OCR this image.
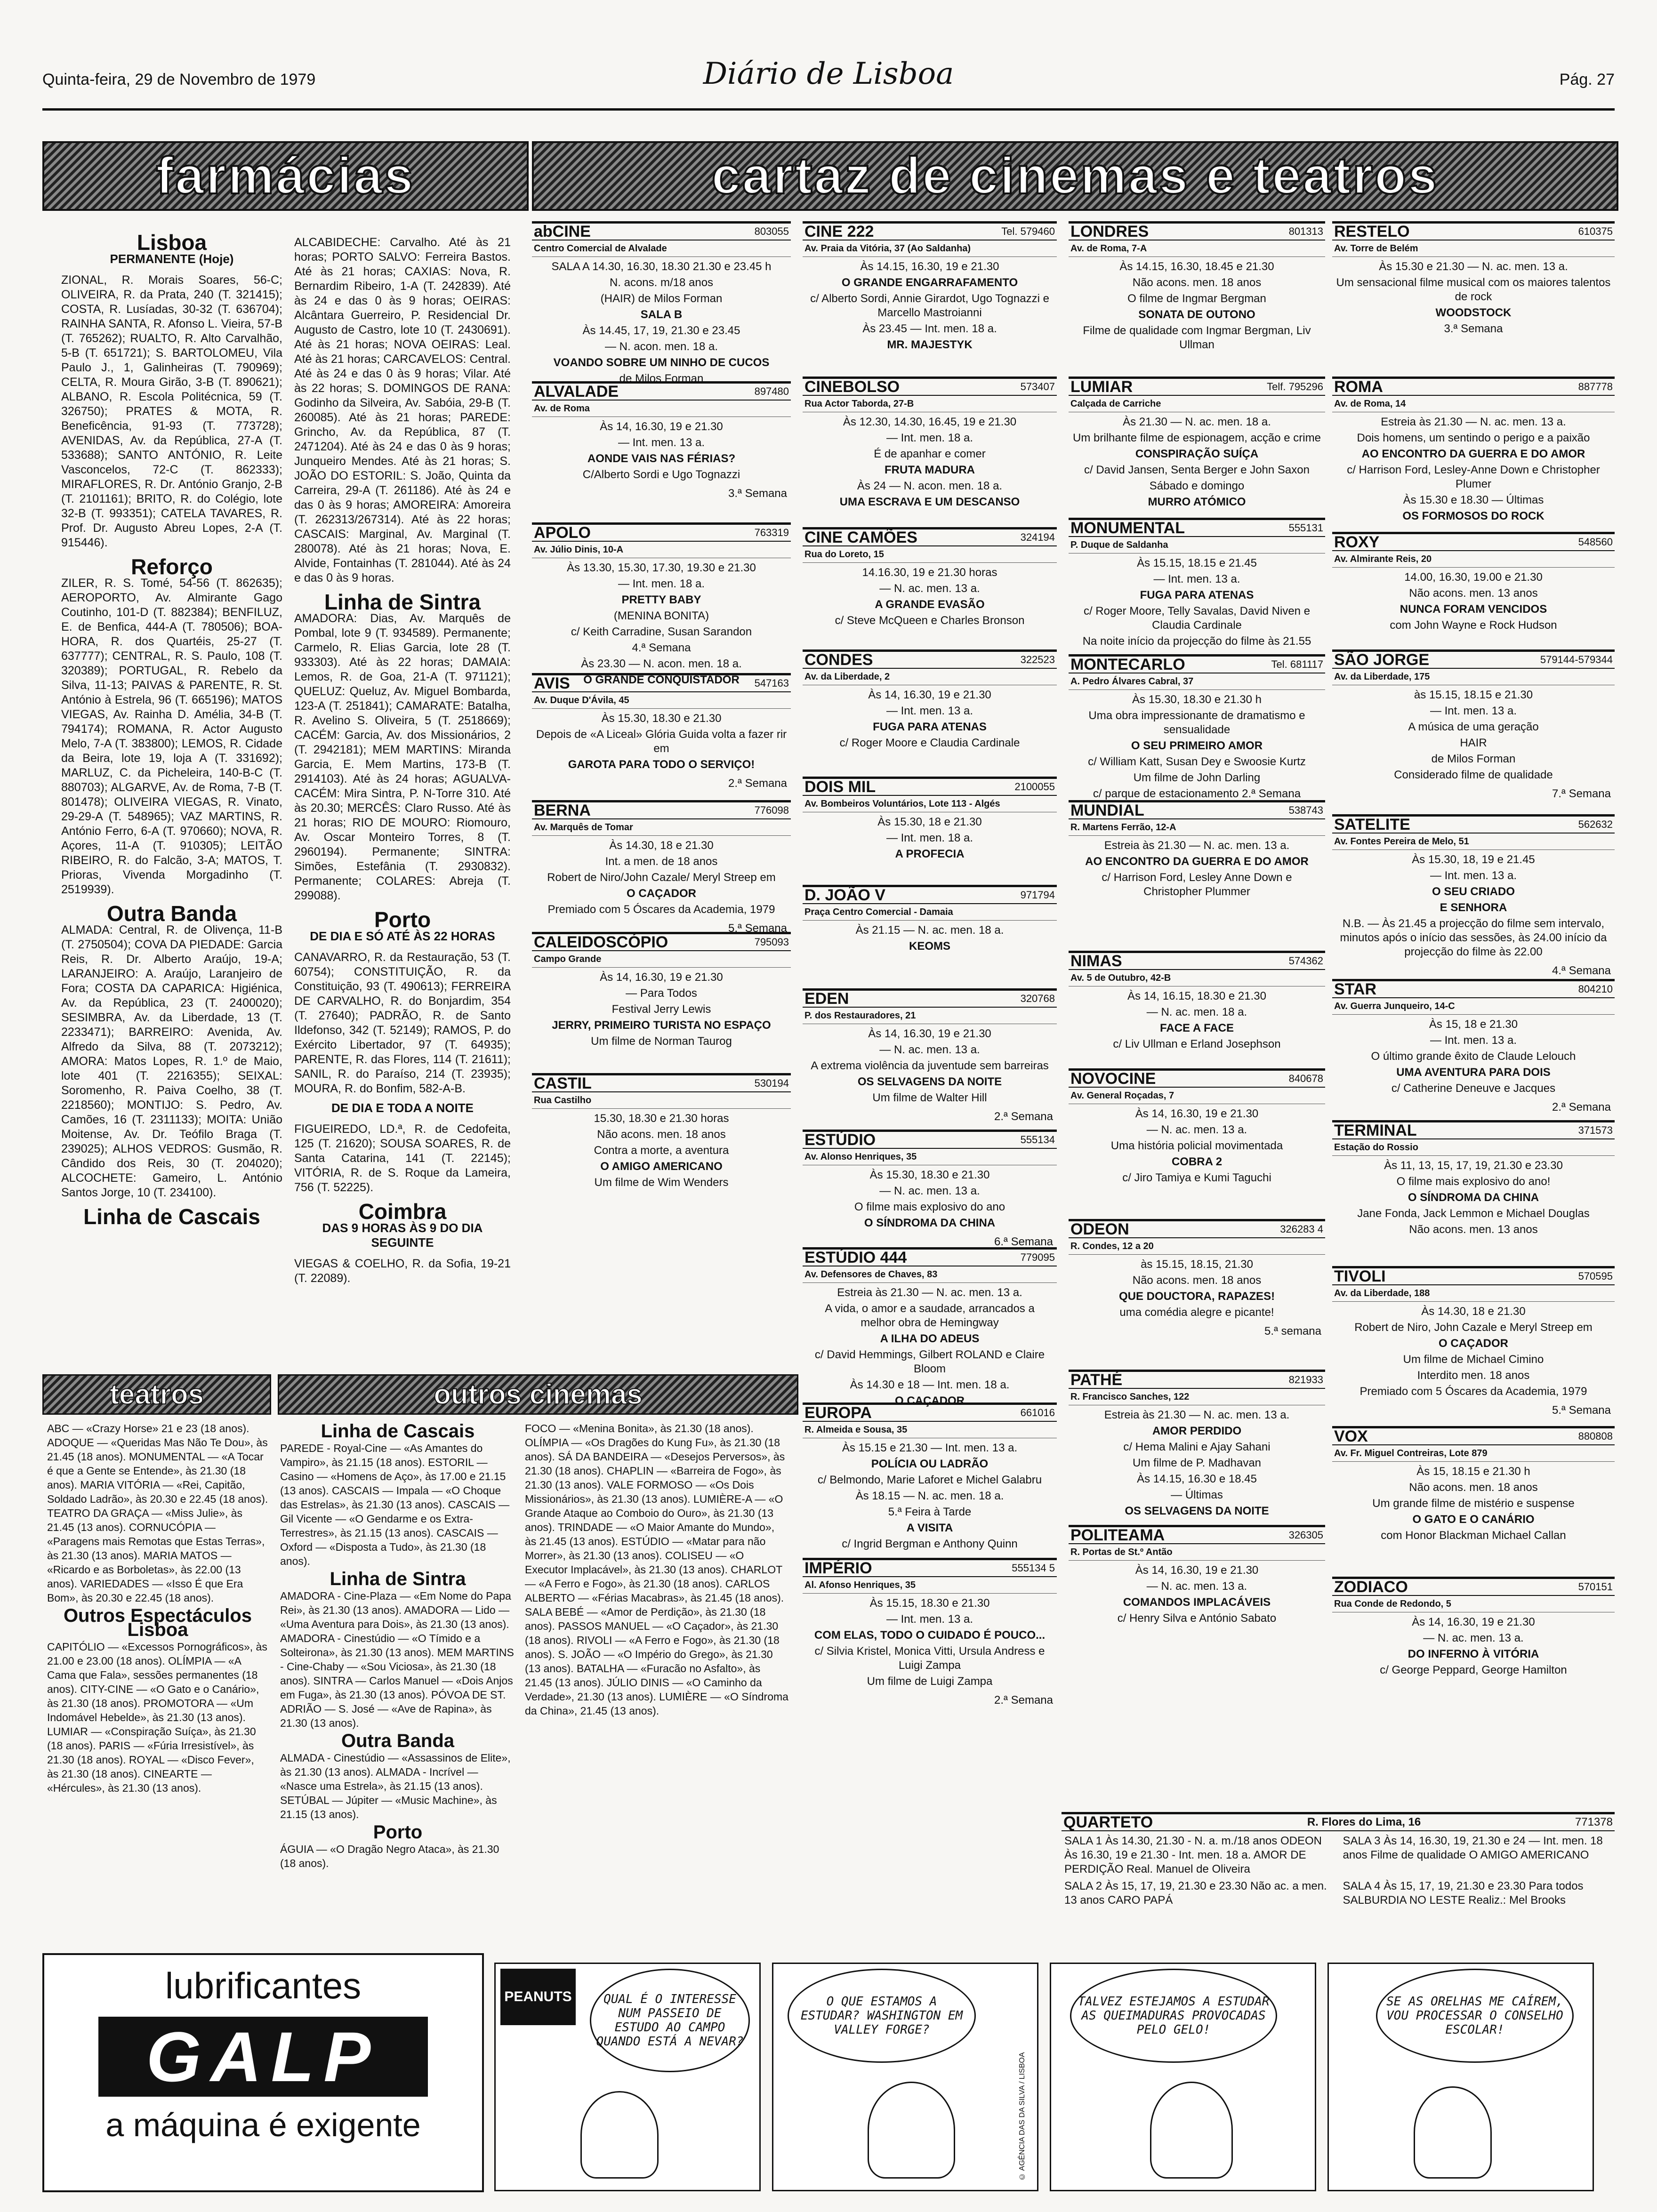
Quinta-feira, 29 de Novembro de 1979	Diário de Lisboa	Pág. 27
farmácias	cartaz de cinemas e teatros
Lisboa
PERMANENTE (Hoje)

ZIONAL, R. Morais Soares, 56-C; OLIVEIRA, R. da Prata, 240 (T. 321415); COSTA, R. Lusíadas, 30-32 (T. 636704); RAINHA SANTA, R. Afonso L. Vieira, 57-B (T. 765262); RUALTO, R. Alto Carvalhão, 5-B (T. 651721); S. BARTOLOMEU, Vila Paulo J., 1, Galinheiras (T. 790969); CELTA, R. Moura Girão, 3-B (T. 890621); ALBANO, R. Escola Politécnica, 59 (T. 326750); PRATES & MOTA, R. Beneficência, 91-93 (T. 773728); AVENIDAS, Av. da República, 27-A (T. 533688); SANTO ANTÓNIO, R. Leite Vasconcelos, 72-C (T. 862333); MIRAFLORES, R. Dr. António Granjo, 2-B (T. 2101161); BRITO, R. do Colégio, lote 32-B (T. 993351); CATELA TAVARES, R. Prof. Dr. Augusto Abreu Lopes, 2-A (T. 915446).

Reforço

ZILER, R. S. Tomé, 54-56 (T. 862635); AEROPORTO, Av. Almirante Gago Coutinho, 101-D (T. 882384); BENFILUZ, E. de Benfica, 444-A (T. 780506); BOA-HORA, R. dos Quartéis, 25-27 (T. 637777); CENTRAL, R. S. Paulo, 108 (T. 320389); PORTUGAL, R. Rebelo da Silva, 11-13; PAIVAS & PARENTE, R. St. António à Estrela, 96 (T. 665196); MATOS VIEGAS, Av. Rainha D. Amélia, 34-B (T. 794174); ROMANA, R. Actor Augusto Melo, 7-A (T. 383800); LEMOS, R. Cidade da Beira, lote 19, loja A (T. 331692); MARLUZ, C. da Picheleira, 140-B-C (T. 880703); ALGARVE, Av. de Roma, 7-B (T. 801478); OLIVEIRA VIEGAS, R. Vinato, 29-29-A (T. 548965); VAZ MARTINS, R. António Ferro, 6-A (T. 970660); NOVA, R. Açores, 11-A (T. 910305); LEITÃO RIBEIRO, R. do Falcão, 3-A; MATOS, T. Prioras, Vivenda Morgadinho (T. 2519939).

Outra Banda

ALMADA: Central, R. de Olivença, 11-B (T. 2750504); COVA DA PIEDADE: Garcia Reis, R. Dr. Alberto Araújo, 19-A; LARANJEIRO: A. Araújo, Laranjeiro de Fora; COSTA DA CAPARICA: Higiénica, Av. da República, 23 (T. 2400020); SESIMBRA, Av. da Liberdade, 13 (T. 2233471); BARREIRO: Avenida, Av. Alfredo da Silva, 88 (T. 2073212); AMORA: Matos Lopes, R. 1.º de Maio, lote 401 (T. 2216355); SEIXAL: Soromenho, R. Paiva Coelho, 38 (T. 2218560); MONTIJO: S. Pedro, Av. Camões, 16 (T. 2311133); MOITA: União Moitense, Av. Dr. Teófilo Braga (T. 239025); ALHOS VEDROS: Gusmão, R. Cândido dos Reis, 30 (T. 204020); ALCOCHETE: Gameiro, L. António Santos Jorge, 10 (T. 234100).

Linha de Cascais

ALCABIDECHE: Carvalho. Até às 21 horas; PORTO SALVO: Ferreira Bastos. Até às 21 horas; CAXIAS: Nova, R. Bernardim Ribeiro, 1-A (T. 242839). Até às 24 e das 0 às 9 horas; OEIRAS: Alcântara Guerreiro, P. Residencial Dr. Augusto de Castro, lote 10 (T. 2430691). Até às 21 horas; NOVA OEIRAS: Leal. Até às 21 horas; CARCAVELOS: Central. Até às 24 e das 0 às 9 horas; Vilar. Até às 22 horas; S. DOMINGOS DE RANA: Godinho da Silveira, Av. Sabóia, 29-B (T. 260085). Até às 21 horas; PAREDE: Grincho, Av. da República, 87 (T. 2471204). Até às 24 e das 0 às 9 horas; Junqueiro Mendes. Até às 21 horas; S. JOÃO DO ESTORIL: S. João, Quinta da Carreira, 29-A (T. 261186). Até às 24 e das 0 às 9 horas; AMOREIRA: Amoreira (T. 262313/267314). Até às 22 horas; CASCAIS: Marginal, Av. Marginal (T. 280078). Até às 21 horas; Nova, E. Alvide, Fontainhas (T. 281044). Até às 24 e das 0 às 9 horas.

Linha de Sintra

AMADORA: Dias, Av. Marquês de Pombal, lote 9 (T. 934589). Permanente; Carmelo, R. Elias Garcia, lote 28 (T. 933303). Até às 22 horas; DAMAIA: Lemos, R. de Goa, 21-A (T. 971121); QUELUZ: Queluz, Av. Miguel Bombarda, 123-A (T. 251841); CAMARATE: Batalha, R. Avelino S. Oliveira, 5 (T. 2518669); CACÉM: Garcia, Av. dos Missionários, 2 (T. 2942181); MEM MARTINS: Miranda Garcia, E. Mem Martins, 173-B (T. 2914103). Até às 24 horas; AGUALVA-CACÉM: Mira Sintra, P. N-Torre 310. Até às 20.30; MERCÊS: Claro Russo. Até às 21 horas; RIO DE MOURO: Riomouro, Av. Oscar Monteiro Torres, 8 (T. 2960194). Permanente; SINTRA: Simões, Estefânia (T. 2930832). Permanente; COLARES: Abreja (T. 299088).

Porto
DE DIA E SÓ ATÉ ÀS 22 HORAS

CANAVARRO, R. da Restauração, 53 (T. 60754); CONSTITUIÇÃO, R. da Constituição, 93 (T. 490613); FERREIRA DE CARVALHO, R. do Bonjardim, 354 (T. 27640); PADRÃO, R. de Santo Ildefonso, 342 (T. 52149); RAMOS, P. do Exército Libertador, 97 (T. 64935); PARENTE, R. das Flores, 114 (T. 21611); SANIL, R. do Paraíso, 214 (T. 23935); MOURA, R. do Bonfim, 582-A-B.

DE DIA E TODA A NOITE

FIGUEIREDO, LD.ª, R. de Cedofeita, 125 (T. 21620); SOUSA SOARES, R. de Santa Catarina, 141 (T. 22145); VITÓRIA, R. de S. Roque da Lameira, 756 (T. 52225).

Coimbra
DAS 9 HORAS ÀS 9 DO DIA SEGUINTE

VIEGAS & COELHO, R. da Sofia, 19-21 (T. 22089).

abCINE	803055
Centro Comercial de Alvalade
SALA A 14.30, 16.30, 18.30 21.30 e 23.45 h
N. acons. m/18 anos
(HAIR) de Milos Forman
SALA B
Às 14.45, 17, 19, 21.30 e 23.45
— N. acon. men. 18 a.
VOANDO SOBRE UM NINHO DE CUCOS
de Milos Forman
ALVALADE	897480
Av. de Roma
Às 14, 16.30, 19 e 21.30
— Int. men. 13 a.
AONDE VAIS NAS FÉRIAS?
C/Alberto Sordi e Ugo Tognazzi
3.ª Semana
APOLO	763319
Av. Júlio Dinis, 10-A
Às 13.30, 15.30, 17.30, 19.30 e 21.30
— Int. men. 18 a.
PRETTY BABY
(MENINA BONITA)
c/ Keith Carradine, Susan Sarandon
4.ª Semana
Às 23.30 — N. acon. men. 18 a.
O GRANDE CONQUISTADOR
AVIS	547163
Av. Duque D'Ávila, 45
Às 15.30, 18.30 e 21.30
Depois de «A Liceal» Glória Guida volta a fazer rir em
GAROTA PARA TODO O SERVIÇO!
2.ª Semana
BERNA	776098
Av. Marquês de Tomar
Às 14.30, 18 e 21.30
Int. a men. de 18 anos
Robert de Niro/John Cazale/ Meryl Streep em
O CAÇADOR
Premiado com 5 Óscares da Academia, 1979
5.ª Semana
CALEIDOSCÓPIO	795093
Campo Grande
Às 14, 16.30, 19 e 21.30
— Para Todos
Festival Jerry Lewis
JERRY, PRIMEIRO TURISTA NO ESPAÇO
Um filme de Norman Taurog
CASTIL	530194
Rua Castilho
15.30, 18.30 e 21.30 horas
Não acons. men. 18 anos
Contra a morte, a aventura
O AMIGO AMERICANO
Um filme de Wim Wenders
CINE 222	Tel. 579460
Av. Praia da Vitória, 37 (Ao Saldanha)
Às 14.15, 16.30, 19 e 21.30
O GRANDE ENGARRAFAMENTO
c/ Alberto Sordi, Annie Girardot, Ugo Tognazzi e Marcello Mastroianni
Às 23.45 — Int. men. 18 a.
MR. MAJESTYK
CINEBOLSO	573407
Rua Actor Taborda, 27-B
Às 12.30, 14.30, 16.45, 19 e 21.30
— Int. men. 18 a.
É de apanhar e comer
FRUTA MADURA
Às 24 — N. acon. men. 18 a.
UMA ESCRAVA E UM DESCANSO
CINE CAMÕES	324194
Rua do Loreto, 15
14.16.30, 19 e 21.30 horas
— N. ac. men. 13 a.
A GRANDE EVASÃO
c/ Steve McQueen e Charles Bronson
CONDES	322523
Av. da Liberdade, 2
Às 14, 16.30, 19 e 21.30
— Int. men. 13 a.
FUGA PARA ATENAS
c/ Roger Moore e Claudia Cardinale
DOIS MIL	2100055
Av. Bombeiros Voluntários, Lote 113 - Algés
Às 15.30, 18 e 21.30
— Int. men. 18 a.
A PROFECIA
D. JOÃO V	971794
Praça Centro Comercial - Damaia
Às 21.15 — N. ac. men. 18 a.
KEOMS
EDEN	320768
P. dos Restauradores, 21
Às 14, 16.30, 19 e 21.30
— N. ac. men. 13 a.
A extrema violência da juventude sem barreiras
OS SELVAGENS DA NOITE
Um filme de Walter Hill
2.ª Semana
ESTÚDIO	555134
Av. Alonso Henriques, 35
Às 15.30, 18.30 e 21.30
— N. ac. men. 13 a.
O filme mais explosivo do ano
O SÍNDROMA DA CHINA
6.ª Semana
ESTÚDIO 444	779095
Av. Defensores de Chaves, 83
Estreia às 21.30 — N. ac. men. 13 a.
A vida, o amor e a saudade, arrancados a melhor obra de Hemingway
A ILHA DO ADEUS
c/ David Hemmings, Gilbert ROLAND e Claire Bloom
Às 14.30 e 18 — Int. men. 18 a.
O CAÇADOR
EUROPA	661016
R. Almeida e Sousa, 35
Às 15.15 e 21.30 — Int. men. 13 a.
POLÍCIA OU LADRÃO
c/ Belmondo, Marie Laforet e Michel Galabru
Às 18.15 — N. ac. men. 18 a.
5.ª Feira à Tarde
A VISITA
c/ Ingrid Bergman e Anthony Quinn
IMPÉRIO	555134 5
Al. Afonso Henriques, 35
Às 15.15, 18.30 e 21.30
— Int. men. 13 a.
COM ELAS, TODO O CUIDADO É POUCO...
c/ Silvia Kristel, Monica Vitti, Ursula Andress e Luigi Zampa
Um filme de Luigi Zampa
2.ª Semana
LONDRES	801313
Av. de Roma, 7-A
Às 14.15, 16.30, 18.45 e 21.30
Não acons. men. 18 anos
O filme de Ingmar Bergman
SONATA DE OUTONO
Filme de qualidade com Ingmar Bergman, Liv Ullman
LUMIAR	Telf. 795296
Calçada de Carriche
Às 21.30 — N. ac. men. 18 a.
Um brilhante filme de espionagem, acção e crime
CONSPIRAÇÃO SUÍÇA
c/ David Jansen, Senta Berger e John Saxon
Sábado e domingo
MURRO ATÓMICO
MONUMENTAL	555131
P. Duque de Saldanha
Às 15.15, 18.15 e 21.45
— Int. men. 13 a.
FUGA PARA ATENAS
c/ Roger Moore, Telly Savalas, David Niven e Claudia Cardinale
Na noite início da projecção do filme às 21.55
MONTECARLO	Tel. 681117
A. Pedro Álvares Cabral, 37
Às 15.30, 18.30 e 21.30 h
Uma obra impressionante de dramatismo e sensualidade
O SEU PRIMEIRO AMOR
c/ William Katt, Susan Dey e Swoosie Kurtz
Um filme de John Darling
c/ parque de estacionamento 2.ª Semana
MUNDIAL	538743
R. Martens Ferrão, 12-A
Estreia às 21.30 — N. ac. men. 13 a.
AO ENCONTRO DA GUERRA E DO AMOR
c/ Harrison Ford, Lesley Anne Down e Christopher Plummer
NIMAS	574362
Av. 5 de Outubro, 42-B
Às 14, 16.15, 18.30 e 21.30
— N. ac. men. 18 a.
FACE A FACE
c/ Liv Ullman e Erland Josephson
NOVOCINE	840678
Av. General Roçadas, 7
Às 14, 16.30, 19 e 21.30
— N. ac. men. 13 a.
Uma história policial movimentada
COBRA 2
c/ Jiro Tamiya e Kumi Taguchi
ODEON	326283 4
R. Condes, 12 a 20
às 15.15, 18.15, 21.30
Não acons. men. 18 anos
QUE DOUCTORA, RAPAZES!
uma comédia alegre e picante!
5.ª semana
PATHÉ	821933
R. Francisco Sanches, 122
Estreia às 21.30 — N. ac. men. 13 a.
AMOR PERDIDO
c/ Hema Malini e Ajay Sahani
Um filme de P. Madhavan
Às 14.15, 16.30 e 18.45
— Últimas
OS SELVAGENS DA NOITE
POLITEAMA	326305
R. Portas de St.º Antão
Às 14, 16.30, 19 e 21.30
— N. ac. men. 13 a.
COMANDOS IMPLACÁVEIS
c/ Henry Silva e António Sabato
RESTELO	610375
Av. Torre de Belém
Às 15.30 e 21.30 — N. ac. men. 13 a.
Um sensacional filme musical com os maiores talentos de rock
WOODSTOCK
3.ª Semana
ROMA	887778
Av. de Roma, 14
Estreia às 21.30 — N. ac. men. 13 a.
Dois homens, um sentindo o perigo e a paixão
AO ENCONTRO DA GUERRA E DO AMOR
c/ Harrison Ford, Lesley-Anne Down e Christopher Plumer
Às 15.30 e 18.30 — Últimas
OS FORMOSOS DO ROCK
ROXY	548560
Av. Almirante Reis, 20
14.00, 16.30, 19.00 e 21.30
Não acons. men. 13 anos
NUNCA FORAM VENCIDOS
com John Wayne e Rock Hudson
SÃO JORGE	579144-579344
Av. da Liberdade, 175
às 15.15, 18.15 e 21.30
— Int. men. 13 a.
A música de uma geração
HAIR
de Milos Forman
Considerado filme de qualidade
7.ª Semana
SATELITE	562632
Av. Fontes Pereira de Melo, 51
Às 15.30, 18, 19 e 21.45
— Int. men. 13 a.
O SEU CRIADO
E SENHORA
N.B. — Às 21.45 a projecção do filme sem intervalo, minutos após o início das sessões, às 24.00 início da projecção do filme às 22.00
4.ª Semana
STAR	804210
Av. Guerra Junqueiro, 14-C
Às 15, 18 e 21.30
— Int. men. 13 a.
O último grande êxito de Claude Lelouch
UMA AVENTURA PARA DOIS
c/ Catherine Deneuve e Jacques
2.ª Semana
TERMINAL	371573
Estação do Rossio
Às 11, 13, 15, 17, 19, 21.30 e 23.30
O filme mais explosivo do ano!
O SÍNDROMA DA CHINA
Jane Fonda, Jack Lemmon e Michael Douglas
Não acons. men. 13 anos
TIVOLI	570595
Av. da Liberdade, 188
Às 14.30, 18 e 21.30
Robert de Niro, John Cazale e Meryl Streep em
O CAÇADOR
Um filme de Michael Cimino
Interdito men. 18 anos
Premiado com 5 Óscares da Academia, 1979
5.ª Semana
VOX	880808
Av. Fr. Miguel Contreiras, Lote 879
Às 15, 18.15 e 21.30 h
Não acons. men. 18 anos
Um grande filme de mistério e suspense
O GATO E O CANÁRIO
com Honor Blackman Michael Callan
ZODIACO	570151
Rua Conde de Redondo, 5
Às 14, 16.30, 19 e 21.30
— N. ac. men. 13 a.
DO INFERNO À VITÓRIA
c/ George Peppard, George Hamilton
QUARTETO	R. Flores do Lima, 16	771378
SALA 1 Às 14.30, 21.30 - N. a. m./18 anos ODEON Às 16.30, 19 e 21.30 - Int. men. 18 a. AMOR DE PERDIÇÃO Real. Manuel de Oliveira
SALA 3 Às 14, 16.30, 19, 21.30 e 24 — Int. men. 18 anos Filme de qualidade O AMIGO AMERICANO
SALA 2 Às 15, 17, 19, 21.30 e 23.30 Não ac. a men. 13 anos CARO PAPÁ
SALA 4 Às 15, 17, 19, 21.30 e 23.30 Para todos SALBURDIA NO LESTE Realiz.: Mel Brooks
teatros	outros cinemas

ABC — «Crazy Horse» 21 e 23 (18 anos). ADOQUE — «Queridas Mas Não Te Dou», às 21.45 (18 anos). MONUMENTAL — «A Tocar é que a Gente se Entende», às 21.30 (18 anos). MARIA VITÓRIA — «Rei, Capitão, Soldado Ladrão», às 20.30 e 22.45 (18 anos). TEATRO DA GRAÇA — «Miss Julie», às 21.45 (13 anos). CORNUCÓPIA — «Paragens mais Remotas que Estas Terras», às 21.30 (13 anos). MARIA MATOS — «Ricardo e as Borboletas», às 22.00 (13 anos). VARIEDADES — «Isso É que Era Bom», às 20.30 e 22.45 (18 anos).

Outros Espectáculos Lisboa

CAPITÓLIO — «Excessos Pornográficos», às 21.00 e 23.00 (18 anos). OLÍMPIA — «A Cama que Fala», sessões permanentes (18 anos). CITY-CINE — «O Gato e o Canário», às 21.30 (18 anos). PROMOTORA — «Um Indomável Hebelde», às 21.30 (13 anos). LUMIAR — «Conspiração Suíça», às 21.30 (18 anos). PARIS — «Fúria Irresistível», às 21.30 (18 anos). ROYAL — «Disco Fever», às 21.30 (18 anos). CINEARTE — «Hércules», às 21.30 (13 anos).

Linha de Cascais

PAREDE - Royal-Cine — «As Amantes do Vampiro», às 21.15 (18 anos). ESTORIL — Casino — «Homens de Aço», às 17.00 e 21.15 (13 anos). CASCAIS — Impala — «O Choque das Estrelas», às 21.30 (13 anos). CASCAIS — Gil Vicente — «O Gendarme e os Extra-Terrestres», às 21.15 (13 anos). CASCAIS — Oxford — «Disposta a Tudo», às 21.30 (18 anos).

Linha de Sintra

AMADORA - Cine-Plaza — «Em Nome do Papa Rei», às 21.30 (13 anos). AMADORA — Lido — «Uma Aventura para Dois», às 21.30 (13 anos). AMADORA - Cinestúdio — «O Tímido e a Solteirona», às 21.30 (13 anos). MEM MARTINS - Cine-Chaby — «Sou Viciosa», às 21.30 (18 anos). SINTRA — Carlos Manuel — «Dois Anjos em Fuga», às 21.30 (13 anos). PÓVOA DE ST. ADRIÃO — S. José — «Ave de Rapina», às 21.30 (13 anos).

Outra Banda

ALMADA - Cinestúdio — «Assassinos de Elite», às 21.30 (13 anos). ALMADA - Incrível — «Nasce uma Estrela», às 21.15 (13 anos). SETÚBAL — Júpiter — «Music Machine», às 21.15 (13 anos).

Porto

ÁGUIA — «O Dragão Negro Ataca», às 21.30 (18 anos).

FOCO — «Menina Bonita», às 21.30 (18 anos). OLÍMPIA — «Os Dragões do Kung Fu», às 21.30 (18 anos). SÁ DA BANDEIRA — «Desejos Perversos», às 21.30 (18 anos). CHAPLIN — «Barreira de Fogo», às 21.30 (13 anos). VALE FORMOSO — «Os Dois Missionários», às 21.30 (13 anos). LUMIÈRE-A — «O Grande Ataque ao Comboio do Ouro», às 21.30 (13 anos). TRINDADE — «O Maior Amante do Mundo», às 21.45 (13 anos). ESTÚDIO — «Matar para não Morrer», às 21.30 (13 anos). COLISEU — «O Executor Implacável», às 21.30 (13 anos). CHARLOT — «A Ferro e Fogo», às 21.30 (18 anos). CARLOS ALBERTO — «Férias Macabras», às 21.45 (18 anos). SALA BEBÉ — «Amor de Perdição», às 21.30 (18 anos). PASSOS MANUEL — «O Caçador», às 21.30 (18 anos). RIVOLI — «A Ferro e Fogo», às 21.30 (18 anos). S. JOÃO — «O Império do Grego», às 21.30 (13 anos). BATALHA — «Furacão no Asfalto», às 21.45 (13 anos). JÚLIO DINIS — «O Caminho da Verdade», 21.30 (13 anos). LUMIÈRE — «O Síndroma da China», 21.45 (13 anos).

lubrificantes
GALP
a máquina é exigente
PEANUTS	QUAL É O INTERESSE NUM PASSEIO DE ESTUDO AO CAMPO QUANDO ESTÁ A NEVAR?
O QUE ESTAMOS A ESTUDAR? WASHINGTON EM VALLEY FORGE?
© AGÊNCIA DAS DA SILVA / LISBOA
TALVEZ ESTEJAMOS A ESTUDAR AS QUEIMADURAS PROVOCADAS PELO GELO!
SE AS ORELHAS ME CAÍREM, VOU PROCESSAR O CONSELHO ESCOLAR!
